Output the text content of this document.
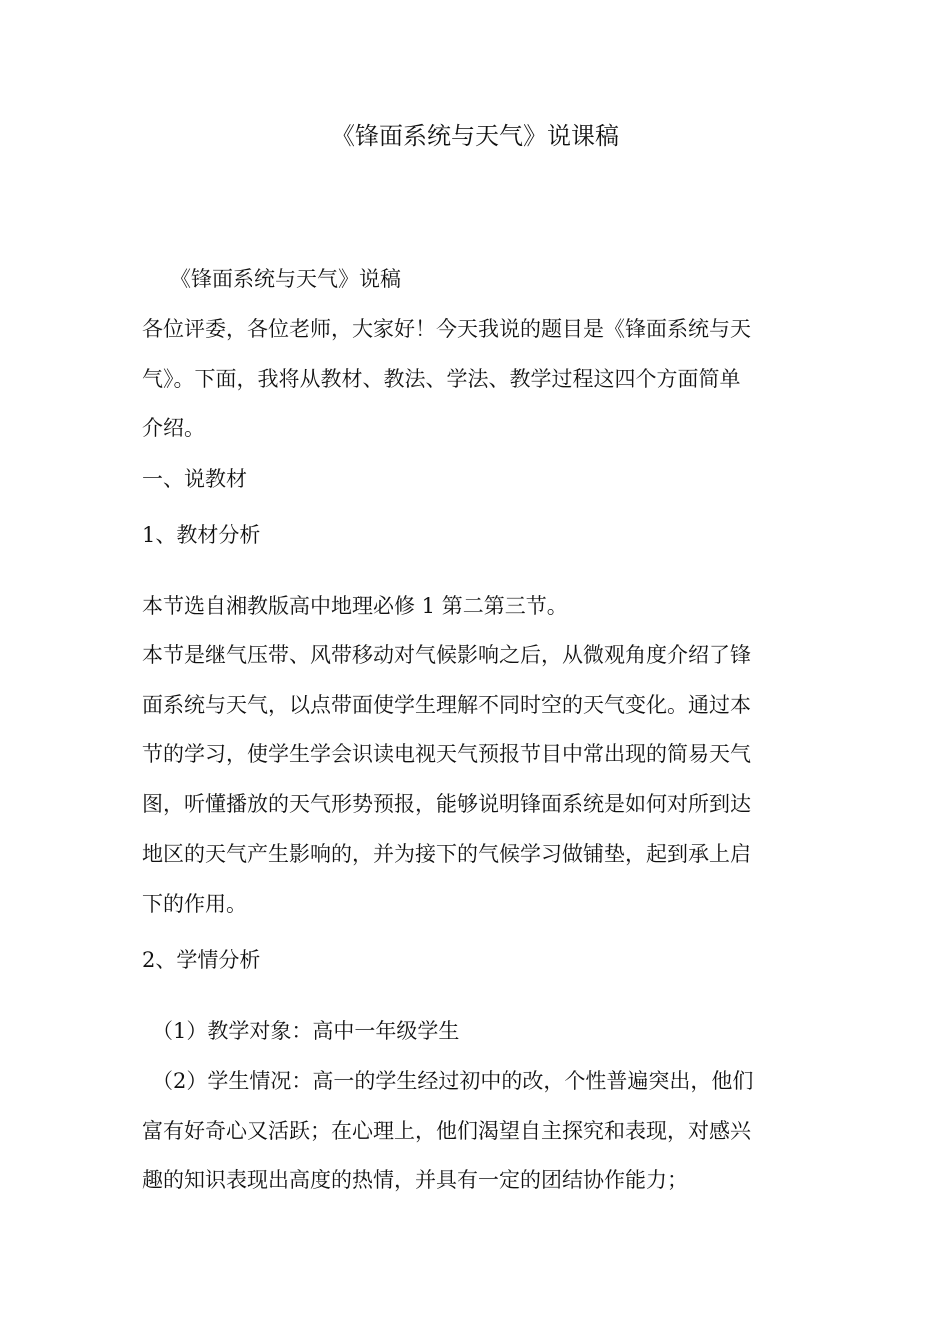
《锋面系统与天气》说课稿
《锋面系统与天气》说稿
各位评委，各位老师，大家好！今天我说的题目是《锋面系统与天
气》。下面，我将从教材、教法、学法、教学过程这四个方面简单
介绍。
一、说教材
1、教材分析
本节选自湘教版高中地理必修 1 第二第三节。
本节是继气压带、风带移动对气候影响之后，从微观角度介绍了锋
面系统与天气，以点带面使学生理解不同时空的天气变化。通过本
节的学习，使学生学会识读电视天气预报节目中常出现的简易天气
图，听懂播放的天气形势预报，能够说明锋面系统是如何对所到达
地区的天气产生影响的，并为接下的气候学习做铺垫，起到承上启
下的作用。
2、学情分析
（1）教学对象：高中一年级学生
（2）学生情况：高一的学生经过初中的改，个性普遍突出，他们
富有好奇心又活跃；在心理上，他们渴望自主探究和表现，对感兴
趣的知识表现出高度的热情，并具有一定的团结协作能力；
